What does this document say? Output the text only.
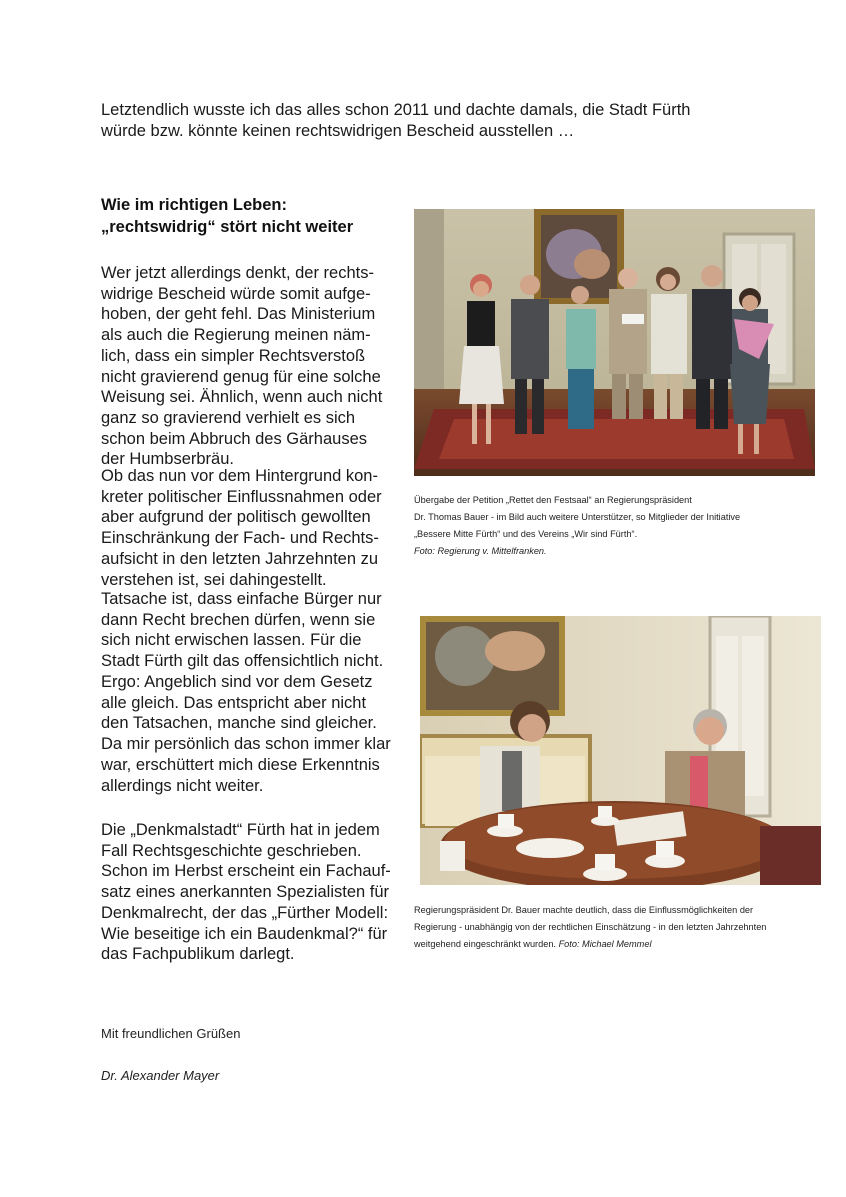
Letztendlich wusste ich das alles schon 2011 und dachte damals, die Stadt Fürth
würde bzw. könnte keinen rechtswidrigen Bescheid ausstellen …
Wie im richtigen Leben:
„rechtswidrig“ stört nicht weiter

Wer jetzt allerdings denkt, der rechts-

widrige Bescheid würde somit aufge-

hoben, der geht fehl. Das Ministerium

als auch die Regierung meinen näm-

lich, dass ein simpler Rechtsverstoß

nicht gravierend genug für eine solche

Weisung sei. Ähnlich, wenn auch nicht

ganz so gravierend verhielt es sich

schon beim Abbruch des Gärhauses

der Humbserbräu.

Ob das nun vor dem Hintergrund kon-

kreter politischer Einflussnahmen oder

aber aufgrund der politisch gewollten

Einschränkung der Fach- und Rechts-

aufsicht in den letzten Jahrzehnten zu

verstehen ist, sei dahingestellt.

Tatsache ist, dass einfache Bürger nur

dann Recht brechen dürfen, wenn sie

sich nicht erwischen lassen. Für die

Stadt Fürth gilt das offensichtlich nicht.

Ergo: Angeblich sind vor dem Gesetz

alle gleich. Das entspricht aber nicht

den Tatsachen, manche sind gleicher.

Da mir persönlich das schon immer klar

war, erschüttert mich diese Erkenntnis

allerdings nicht weiter.

Die „Denkmalstadt“ Fürth hat in jedem

Fall Rechtsgeschichte geschrieben.

Schon im Herbst erscheint ein Fachauf-

satz eines anerkannten Spezialisten für

Denkmalrecht, der das „Fürther Modell:

Wie beseitige ich ein Baudenkmal?“ für

das Fachpublikum darlegt.

Übergabe der Petition „Rettet den Festsaal“ an Regierungspräsident
Dr. Thomas Bauer - im Bild auch weitere Unterstützer, so Mitglieder der Initiative
„Bessere Mitte Fürth“ und des Vereins „Wir sind Fürth“.
Foto: Regierung v. Mittelfranken.
Regierungspräsident Dr. Bauer machte deutlich, dass die Einflussmöglichkeiten der
Regierung - unabhängig von der rechtlichen Einschätzung - in den letzten Jahrzehnten
weitgehend eingeschränkt wurden. Foto: Michael Memmel
Mit freundlichen Grüßen
Dr. Alexander Mayer
